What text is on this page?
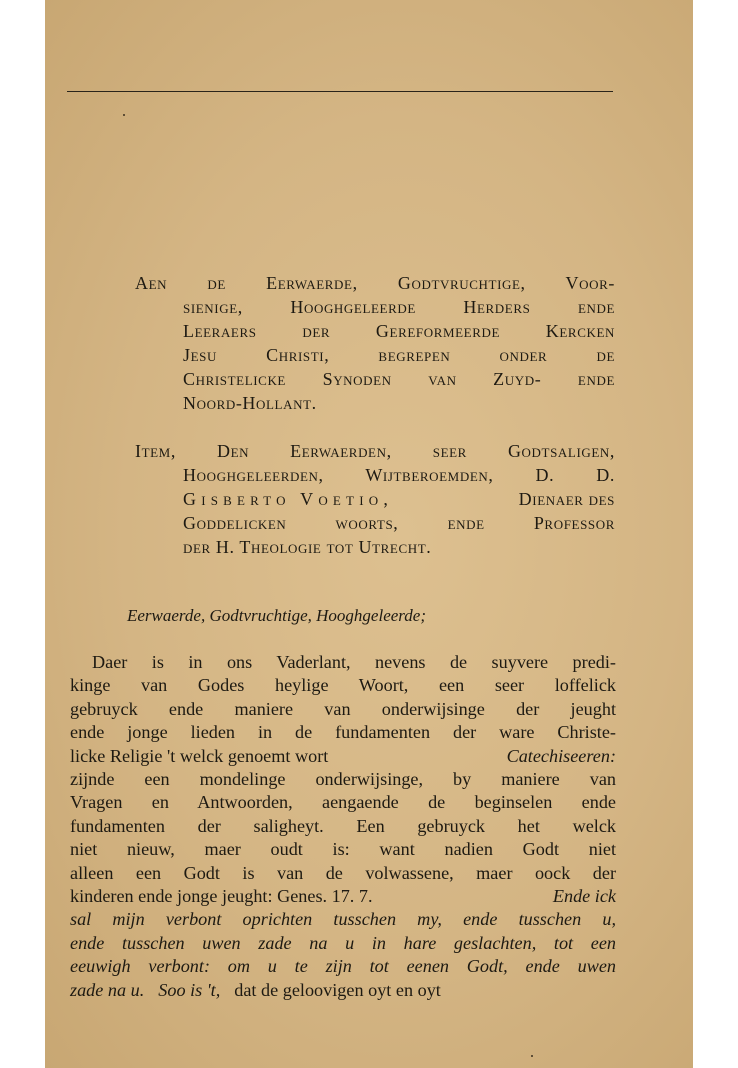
Aen de Eerwaerde, Godtvruchtige, Voor-
sienige, Hooghgeleerde Herders ende
Leeraers der Gereformeerde Kercken
Jesu Christi, begrepen onder de
Christelicke Synoden van Zuyd- ende
Noord-Hollant.
Item, Den Eerwaerden, seer Godtsaligen,
Hooghgeleerden, Wijtberoemden, D. D.
Gisberto Voetio,	Dienaer des
Goddelicken woorts, ende Professor
der H. Theologie tot Utrecht.
Eerwaerde, Godtvruchtige, Hooghgeleerde;
Daer is in ons Vaderlant, nevens de suyvere predi-
kinge van Godes heylige Woort, een seer loffelick
gebruyck ende maniere van onderwijsinge der jeught
ende jonge lieden in de fundamenten der ware Christe-
licke Religie 't welck genoemt wort	Catechiseeren:
zijnde een mondelinge onderwijsinge, by maniere van
Vragen en Antwoorden, aengaende de beginselen ende
fundamenten der saligheyt. Een gebruyck het welck
niet nieuw, maer oudt is: want nadien Godt niet
alleen een Godt is van de volwassene, maer oock der
kinderen ende jonge jeught: Genes. 17. 7.	Ende ick
sal mijn verbont oprichten tusschen my, ende tusschen u,
ende tusschen uwen zade na u in hare geslachten, tot een
eeuwigh verbont: om u te zijn tot eenen Godt, ende uwen
zade na u. Soo is 't, dat de geloovigen oyt en oyt
